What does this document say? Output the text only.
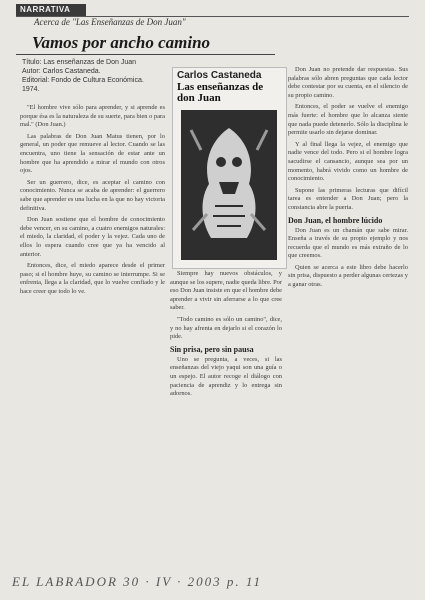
NARRATIVA
Acerca de "Las Enseñanzas de Don Juan"
Vamos por ancho camino
Título: Las enseñanzas de Don Juan
Autor: Carlos Castaneda.
Editorial: Fondo de Cultura Económica.
1974.
Carlos Castaneda
Las enseñanzas de don Juan

"El hombre vive sólo para aprender, y si aprende es porque ésa es la naturaleza de su suerte, para bien o para mal." (Don Juan.)

Las palabras de Don Juan Matus tienen, por lo general, un poder que remueve al lector. Cuando se las encuentra, uno tiene la sensación de estar ante un hombre que ha aprendido a mirar el mundo con otros ojos.

Ser un guerrero, dice, es aceptar el camino con conocimiento. Nunca se acaba de aprender: el guerrero sabe que aprender es una lucha en la que no hay victoria definitiva.

Don Juan sostiene que el hombre de conocimiento debe vencer, en su camino, a cuatro enemigos naturales: el miedo, la claridad, el poder y la vejez. Cada uno de ellos lo espera cuando cree que ya ha vencido al anterior.

Entonces, dice, el miedo aparece desde el primer paso; si el hombre huye, su camino se interrumpe. Si se enfrenta, llega a la claridad, que lo vuelve confiado y le hace creer que todo lo ve.

Siempre hay nuevos obstáculos, y aunque se los supere, nadie queda libre. Por eso Don Juan insiste en que el hombre debe aprender a vivir sin aferrarse a lo que cree saber.

"Todo camino es sólo un camino", dice, y no hay afrenta en dejarlo si el corazón lo pide.

Sin prisa, pero sin pausa

Uno se pregunta, a veces, si las enseñanzas del viejo yaqui son una guía o un espejo. El autor recoge el diálogo con paciencia de aprendiz y lo entrega sin adornos.

Don Juan no pretende dar respuestas. Sus palabras sólo abren preguntas que cada lector debe contestar por su cuenta, en el silencio de su propio camino.

Entonces, el poder se vuelve el enemigo más fuerte: el hombre que lo alcanza siente que nada puede detenerlo. Sólo la disciplina le permite usarlo sin dejarse dominar.

Y al final llega la vejez, el enemigo que nadie vence del todo. Pero si el hombre logra sacudirse el cansancio, aunque sea por un momento, habrá vivido como un hombre de conocimiento.

Supone las primeras lecturas que difícil tarea es entender a Don Juan; pero la constancia abre la puerta.

Don Juan, el hombre lúcido

Don Juan es un chamán que sabe mirar. Enseña a través de su propio ejemplo y nos recuerda que el mundo es más extraño de lo que creemos.

Quien se acerca a este libro debe hacerlo sin prisa, dispuesto a perder algunas certezas y a ganar otras.

EL LABRADOR 30 · IV · 2003 p. 11
